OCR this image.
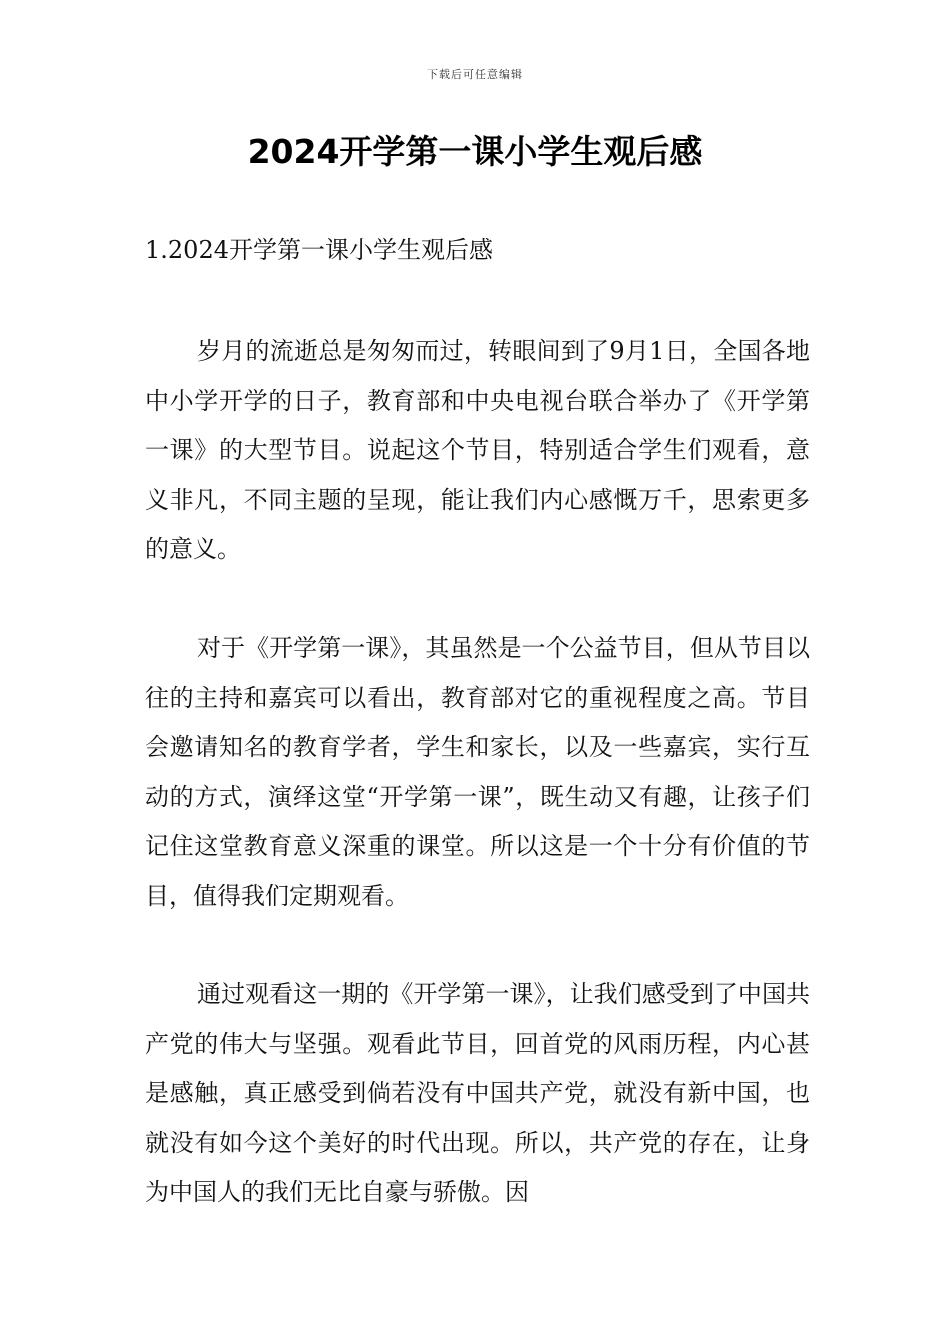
下载后可任意编辑
2024开学第一课小学生观后感

1.2024开学第一课小学生观后感

岁月的流逝总是匆匆而过，转眼间到了9月1日，全国各地中小学开学的日子，教育部和中央电视台联合举办了《开学第一课》的大型节目。说起这个节目，特别适合学生们观看，意义非凡，不同主题的呈现，能让我们内心感慨万千，思索更多的意义。

对于《开学第一课》，其虽然是一个公益节目，但从节目以往的主持和嘉宾可以看出，教育部对它的重视程度之高。节目会邀请知名的教育学者，学生和家长，以及一些嘉宾，实行互动的方式，演绎这堂“开学第一课”，既生动又有趣，让孩子们记住这堂教育意义深重的课堂。所以这是一个十分有价值的节目，值得我们定期观看。

通过观看这一期的《开学第一课》，让我们感受到了中国共产党的伟大与坚强。观看此节目，回首党的风雨历程，内心甚是感触，真正感受到倘若没有中国共产党，就没有新中国，也就没有如今这个美好的时代出现。所以，共产党的存在，让身为中国人的我们无比自豪与骄傲。因
